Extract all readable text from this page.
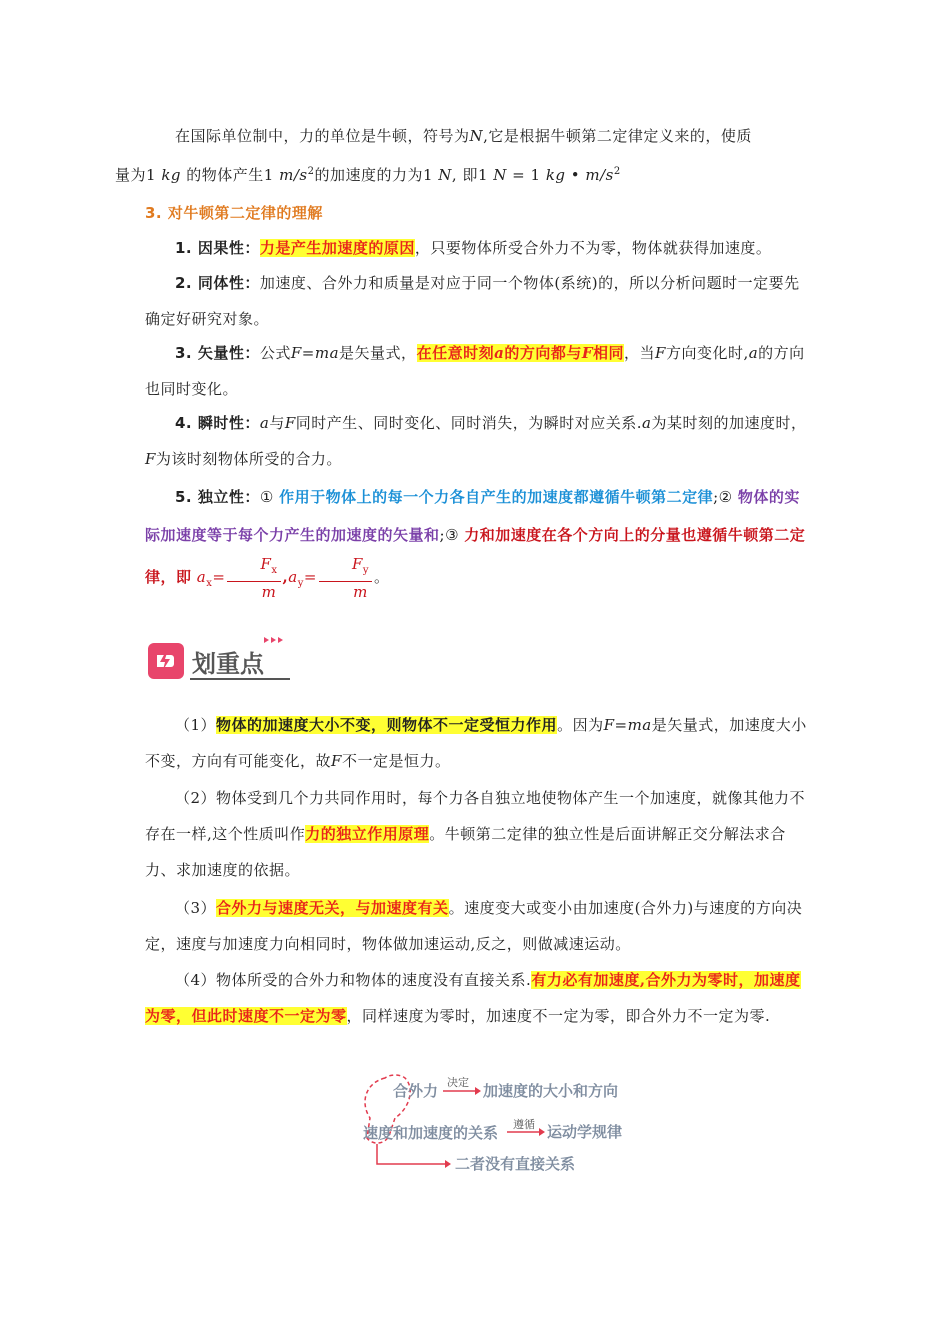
在国际单位制中，力的单位是牛顿，符号为N,它是根据牛顿第二定律定义来的，使质
量为1 kg 的物体产生1 $m/s^2$的加速度的力为1 N, 即1 N = 1 kg • $m/s^2$
3. 对牛顿第二定律的理解
1. 因果性：力是产生加速度的原因，只要物体所受合外力不为零，物体就获得加速度。
2. 同体性：加速度、合外力和质量是对应于同一个物体(系统)的，所以分析问题时一定要先确定好研究对象。
3. 矢量性：公式F=ma是矢量式，在任意时刻a的方向都与F相同，当F方向变化时,a的方向也同时变化。
4. 瞬时性：a与F同时产生、同时变化、同时消失，为瞬时对应关系.a为某时刻的加速度时，F为该时刻物体所受的合力。
5. 独立性：① 作用于物体上的每一个力各自产生的加速度都遵循牛顿第二定律;② 物体的实际加速度等于每个力产生的加速度的矢量和;③ 力和加速度在各个方向上的分量也遵循牛顿第二定律，即 $a_x= \frac{F_x}{m} ,a_y= \frac{F_y}{m}$ 。
划重点
（1）物体的加速度大小不变，则物体不一定受恒力作用。因为F=ma是矢量式，加速度大小不变，方向有可能变化，故F不一定是恒力。
（2）物体受到几个力共同作用时，每个力各自独立地使物体产生一个加速度，就像其他力不存在一样,这个性质叫作力的独立作用原理。牛顿第二定律的独立性是后面讲解正交分解法求合力、求加速度的依据。
（3）合外力与速度无关，与加速度有关。速度变大或变小由加速度(合外力)与速度的方向决定，速度与加速度力向相同时，物体做加速运动,反之，则做减速运动。
（4）物体所受的合外力和物体的速度没有直接关系.有力必有加速度,合外力为零时，加速度为零，但此时速度不一定为零，同样速度为零时，加速度不一定为零，即合外力不一定为零.
合外力 决定 加速度的大小和方向
速度和加速度的关系 遵循 运动学规律
二者没有直接关系
